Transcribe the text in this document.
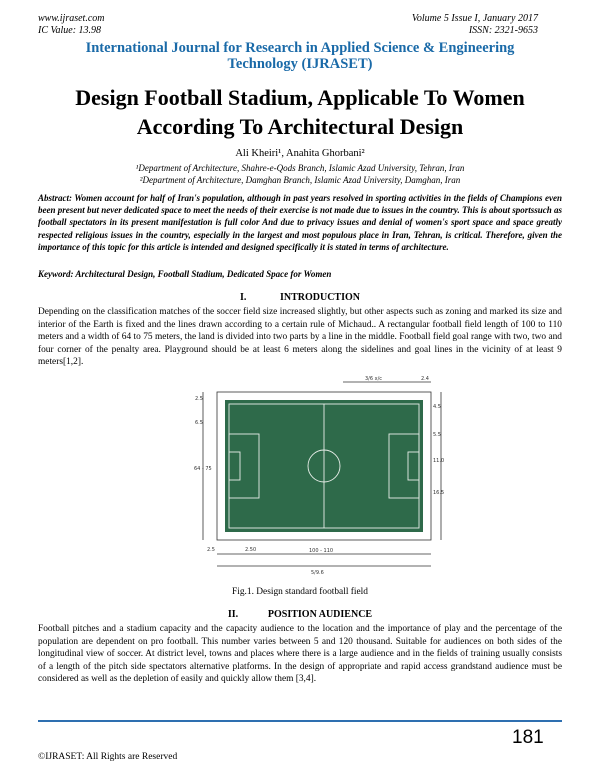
www.ijraset.com
IC Value: 13.98
Volume 5 Issue I, January 2017
ISSN: 2321-9653
International Journal for Research in Applied Science & Engineering
Technology (IJRASET)
Design Football Stadium, Applicable To Women
According To Architectural Design
Ali Kheiri¹, Anahita Ghorbani²
¹Department of Architecture, Shahre-e-Qods Branch, Islamic Azad University, Tehran, Iran
²Department of Architecture, Damghan Branch, Islamic Azad University, Damghan, Iran
Abstract: Women account for half of Iran's population, although in past years resolved in sporting activities in the fields of Champions even been present but never dedicated space to meet the needs of their exercise is not made due to issues in the country. This is about sportssuch as football spectators in its present manifestation is full color And due to privacy issues and denial of women's sport space and space greatly respected religious issues in the country, especially in the largest and most populous place in Iran, Tehran, is critical. Therefore, given the importance of this topic for this article is intended and designed specifically it is stated in terms of architecture.
Keyword: Architectural Design, Football Stadium, Dedicated Space for Women
I.	INTRODUCTION
Depending on the classification matches of the soccer field size increased slightly, but other aspects such as zoning and marked its size and interior of the Earth is fixed and the lines drawn according to a certain rule of Michaud.. A rectangular football field length of 100 to 110 meters and a width of 64 to 75 meters, the land is divided into two parts by a line in the middle. Football field goal range with two, two and four corner of the penalty area. Playground should be at least 6 meters along the sidelines and goal lines in the vicinity of at least 9 meters[1,2].
3/6 x/c	2.4
2.5
6.5
64 - 75
2.5	2.50	100 - 110
5/9.6
4.5
5.5
11.0
16.5
Fig.1. Design standard football field
II.	POSITION AUDIENCE
Football pitches and a stadium capacity and the capacity audience to the location and the importance of play and the percentage of the population are dependent on pro football. This number varies between 5 and 120 thousand. Suitable for audiences on both sides of the longitudinal view of soccer. At district level, towns and places where there is a large audience and in the fields of training usually consists of a length of the pitch side spectators alternative platforms. In the design of appropriate and rapid access grandstand audience must be considered as well as the depletion of easily and quickly allow them [3,4].
181
©IJRASET: All Rights are Reserved
